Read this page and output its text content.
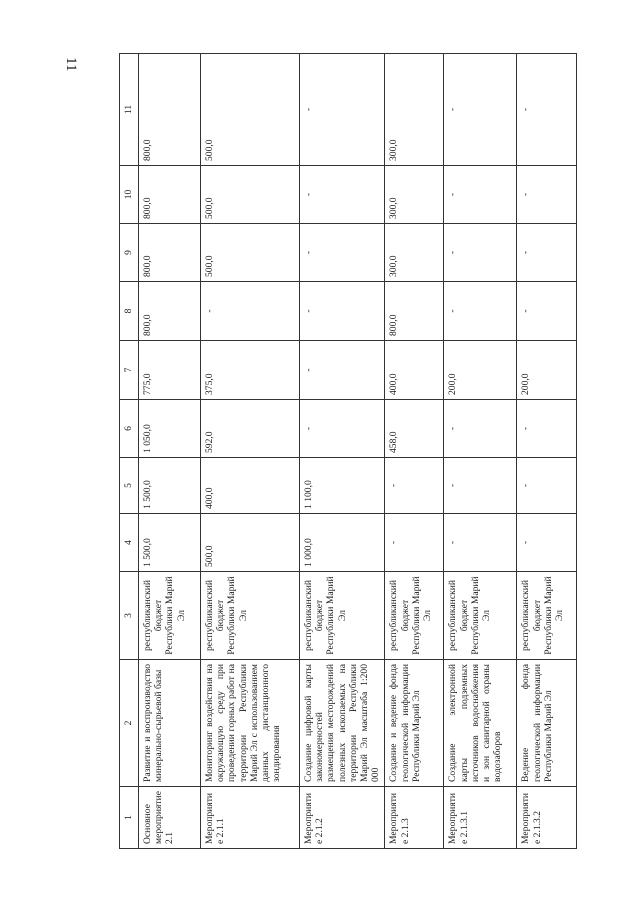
11
1	2	3	4	5	6	7	8	9	10	11
Основное мероприятие 2.1	Развитие и воспроизводство минерально-сырьевой базы	республиканский бюджет Республики Марий Эл	1 500,0	1 500,0	1 050,0	775,0	800,0	800,0	800,0	800,0
Мероприятие 2.1.1	Мониторинг воздействия на окружающую среду при проведении горных работ на территории Республики Марий Эл с использованием данных дистанционного зондирования	республиканский бюджет Республики Марий Эл	500,0	400,0	592,0	375,0	-	500,0	500,0	500,0
Мероприятие 2.1.2	Создание цифровой карты закономерностей размещения месторождений полезных ископаемых на территории Республики Марий Эл масштаба 1:200 000	республиканский бюджет Республики Марий Эл	1 000,0	1 100,0	-	-	-	-	-	-
Мероприятие 2.1.3	Создание и ведение фонда геологической информации Республики Марий Эл	республиканский бюджет Республики Марий Эл	-	-	458,0	400,0	800,0	300,0	300,0	300,0
Мероприятие 2.1.3.1	Создание электронной карты подземных источников водоснабжения и зон санитарной охраны водозаборов	республиканский бюджет Республики Марий Эл	-	-	-	200,0	-	-	-	-
Мероприятие 2.1.3.2	Ведение фонда геологической информации Республики Марий Эл	республиканский бюджет Республики Марий Эл	-	-	-	200,0	-	-	-	-
